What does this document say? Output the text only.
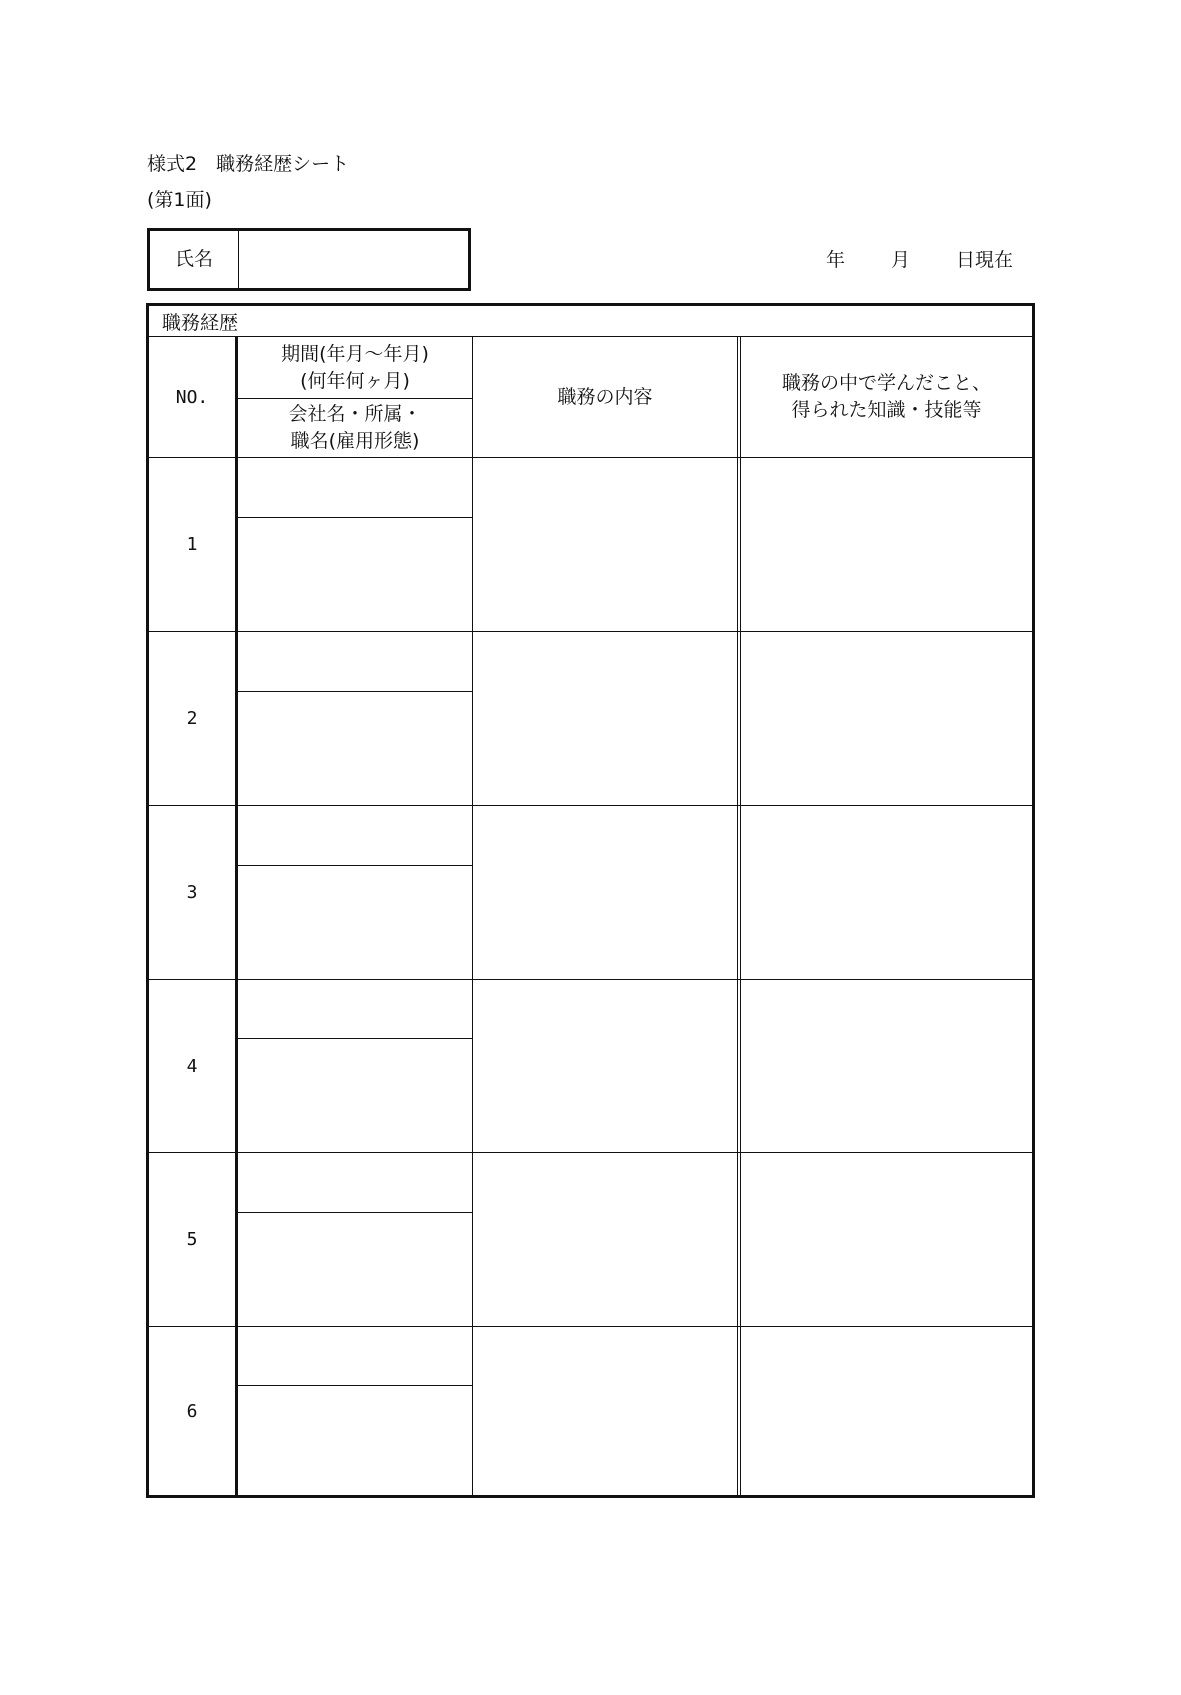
様式2　職務経歴シート
(第1面)
氏名	年 月 日現在
職務経歴
NO.
期間(年月～年月)
(何年何ヶ月)
会社名・所属・
職名(雇用形態)
職務の内容
職務の中で学んだこと、
得られた知識・技能等
1
2
3
4
5
6
